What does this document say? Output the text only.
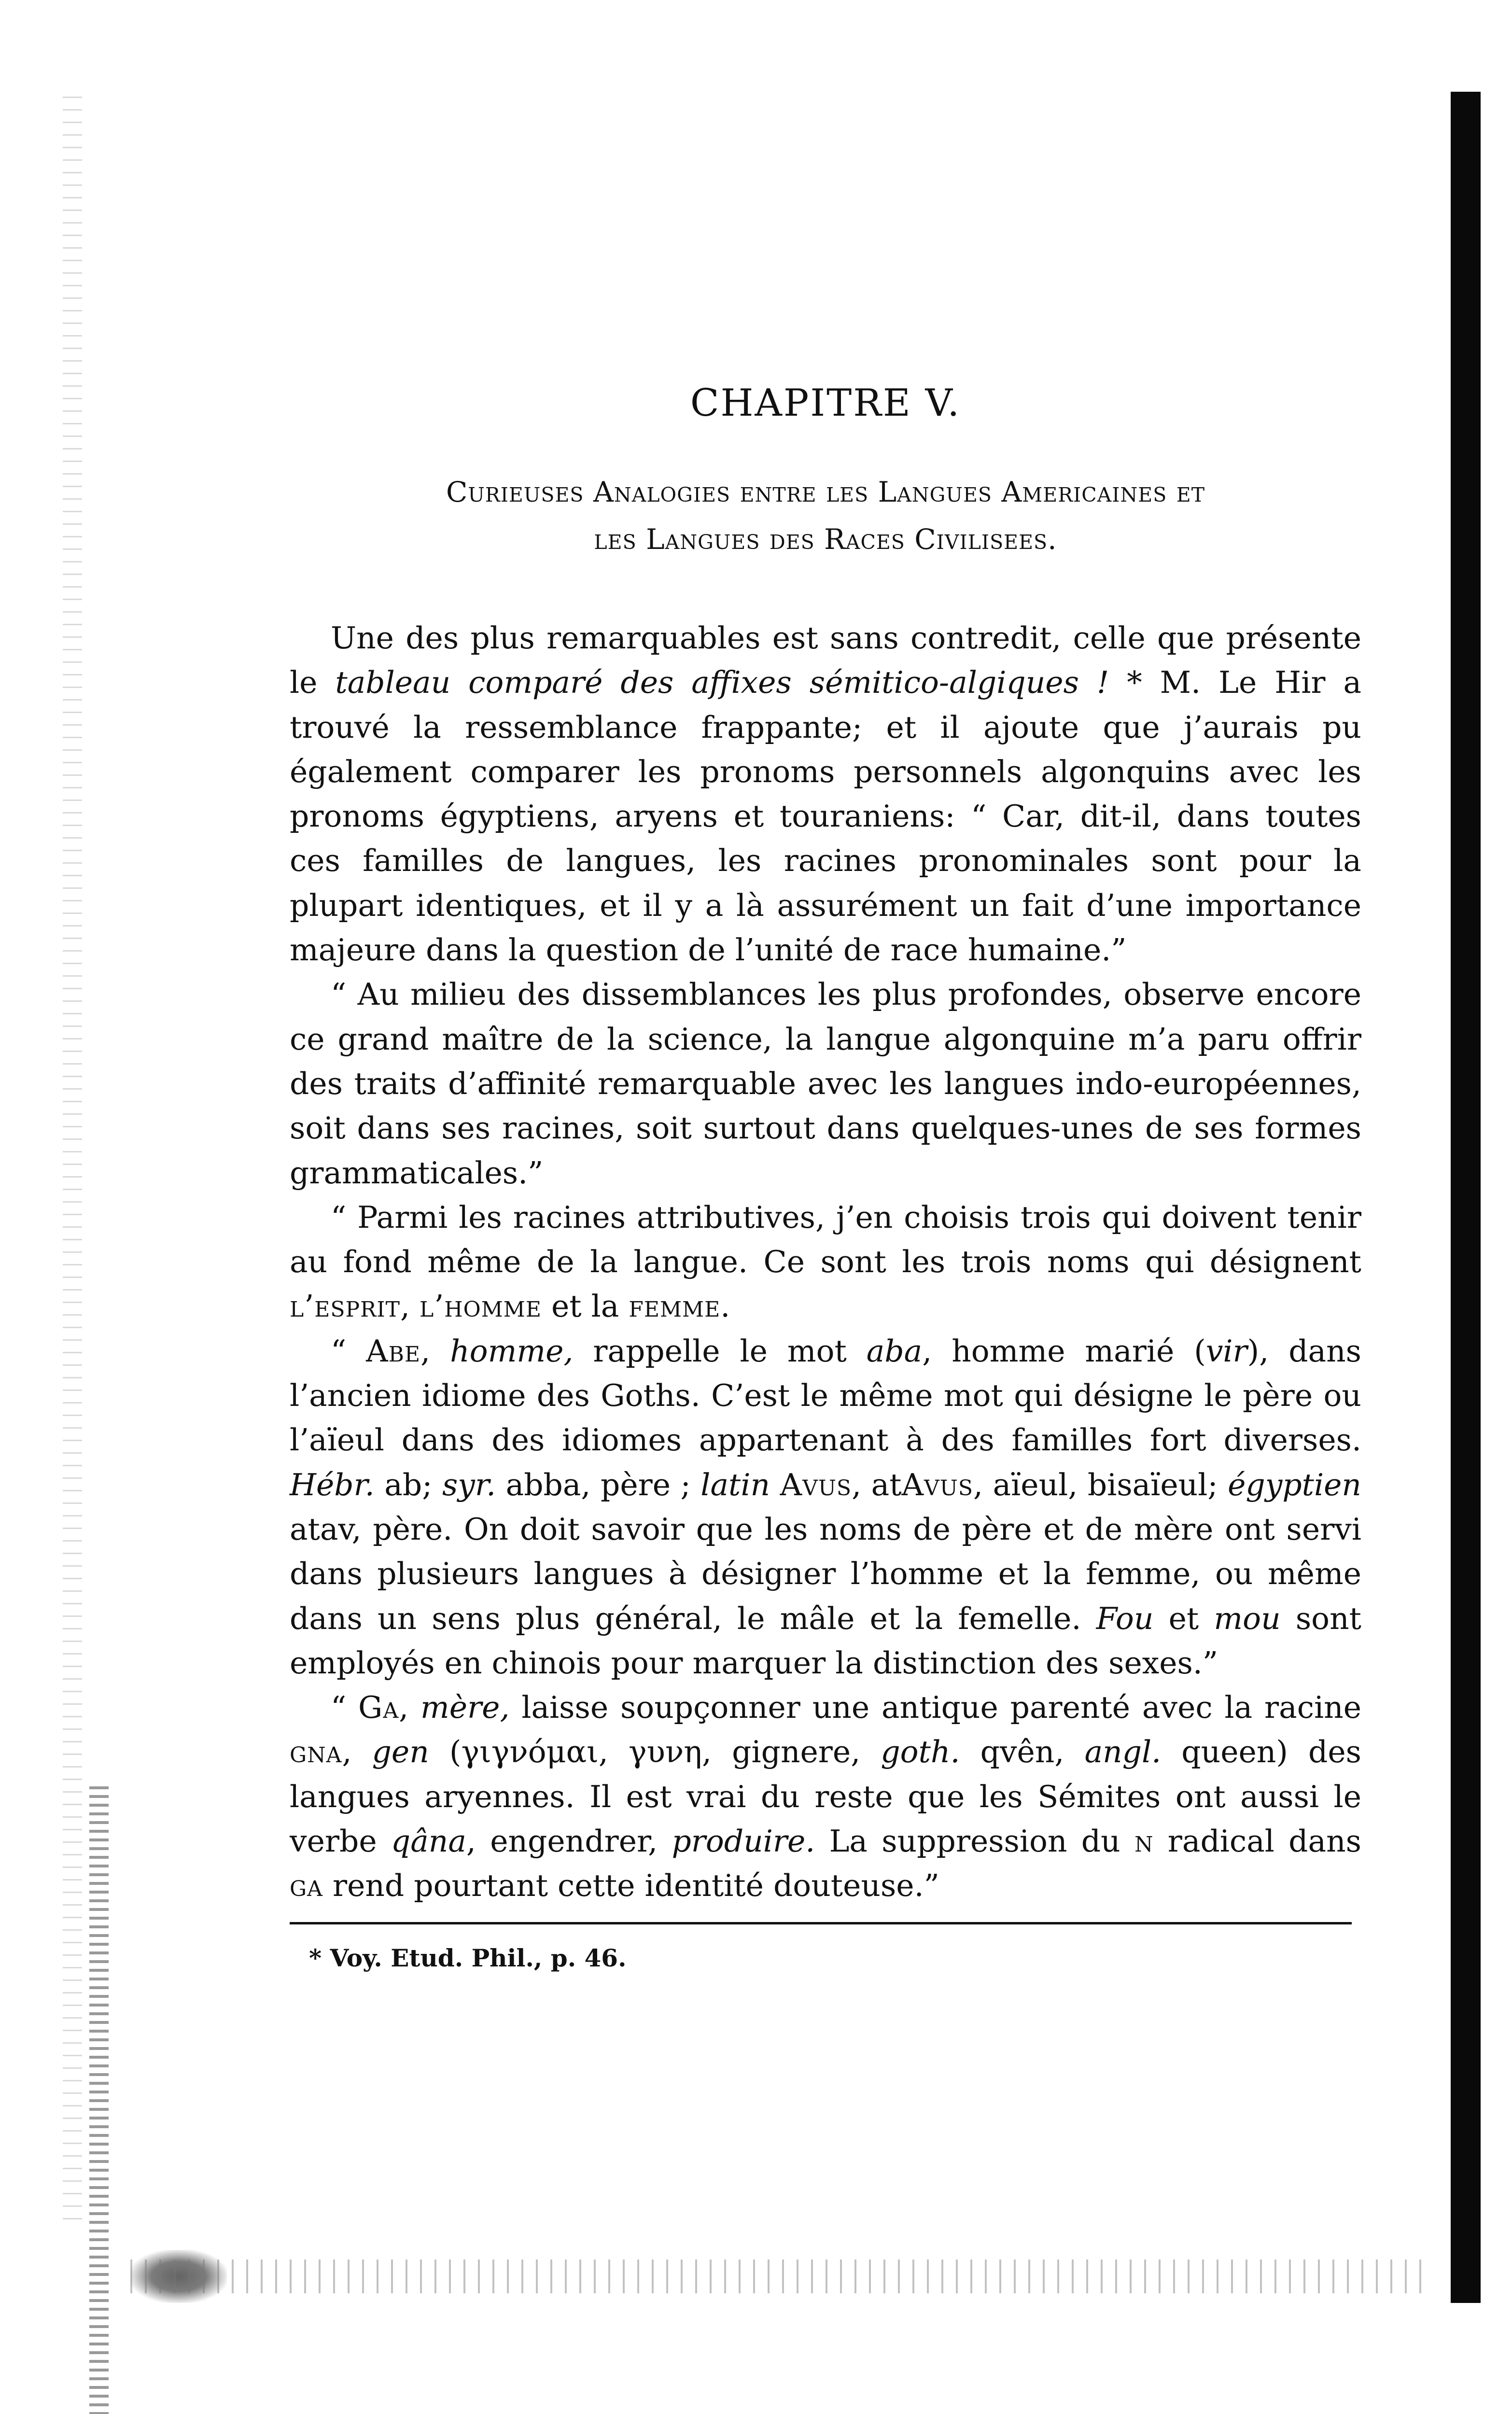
CHAPITRE V.
Curieuses Analogies entre les Langues Americaines et
les Langues des Races Civilisees.

Une des plus remarquables est sans contredit, celle que présente le tableau comparé des affixes sémitico-algiques ! * M. Le Hir a trouvé la ressemblance frappante; et il ajoute que j’aurais pu également comparer les pronoms personnels algonquins avec les pronoms égyptiens, aryens et touraniens: “ Car, dit-il, dans toutes ces familles de langues, les racines pronominales sont pour la plupart identiques, et il y a là assurément un fait d’une importance majeure dans la question de l’unité de race humaine.”

“ Au milieu des dissemblances les plus profondes, observe encore ce grand maître de la science, la langue algonquine m’a paru offrir des traits d’affinité remarquable avec les langues indo-européennes, soit dans ses racines, soit surtout dans quelques-unes de ses formes grammaticales.”

“ Parmi les racines attributives, j’en choisis trois qui doivent tenir au fond même de la langue. Ce sont les trois noms qui désignent l’esprit, l’homme et la femme.

“ Abe, homme, rappelle le mot aba, homme marié (vir), dans l’ancien idiome des Goths. C’est le même mot qui désigne le père ou l’aïeul dans des idiomes appartenant à des familles fort diverses. Hébr. ab; syr. abba, père ; latin Avus, atAvus, aïeul, bisaïeul; égyptien atav, père. On doit savoir que les noms de père et de mère ont servi dans plusieurs langues à désigner l’homme et la femme, ou même dans un sens plus général, le mâle et la femelle. Fou et mou sont employés en chinois pour marquer la distinction des sexes.”

“ Ga, mère, laisse soupçonner une antique parenté avec la racine gna, gen (γιγνόμαι, γυνη, gignere, goth. qvên, angl. queen) des langues aryennes. Il est vrai du reste que les Sémites ont aussi le verbe qâna, engendrer, produire. La suppression du n radical dans ga rend pourtant cette identité douteuse.”

* Voy. Etud. Phil., p. 46.
